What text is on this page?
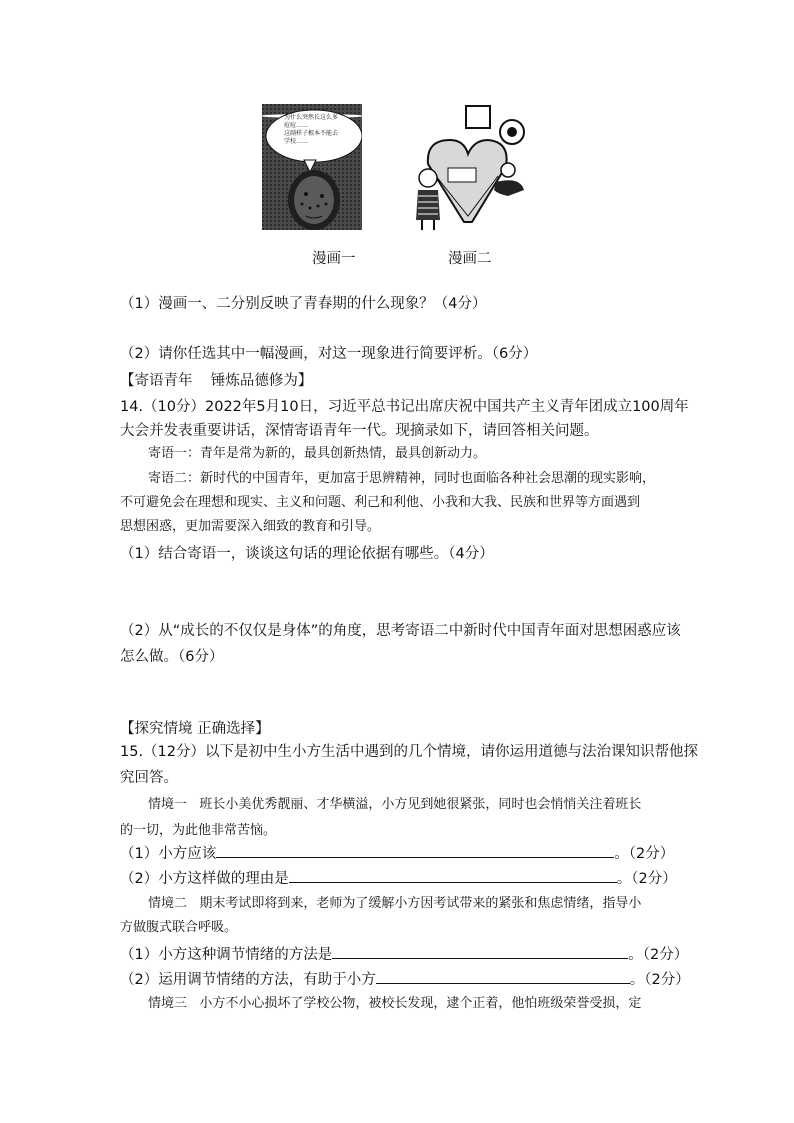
为什么突然长这么多
痘痘……
这副样子根本不能去
学校……
漫画一	漫画二
（1）漫画一、二分别反映了青春期的什么现象？（4分）
（2）请你任选其中一幅漫画，对这一现象进行简要评析。（6分）
【寄语青年    锤炼品德修为】
14.（10分）2022年5月10日，习近平总书记出席庆祝中国共产主义青年团成立100周年
大会并发表重要讲话，深情寄语青年一代。现摘录如下，请回答相关问题。
寄语一：青年是常为新的，最具创新热情，最具创新动力。
寄语二：新时代的中国青年，更加富于思辨精神，同时也面临各种社会思潮的现实影响，
不可避免会在理想和现实、主义和问题、利己和利他、小我和大我、民族和世界等方面遇到
思想困惑，更加需要深入细致的教育和引导。
（1）结合寄语一，谈谈这句话的理论依据有哪些。（4分）
（2）从“成长的不仅仅是身体”的角度，思考寄语二中新时代中国青年面对思想困惑应该
怎么做。（6分）
【探究情境 正确选择】
15.（12分）以下是初中生小方生活中遇到的几个情境，请你运用道德与法治课知识帮他探
究回答。
情境一   班长小美优秀靓丽、才华横溢，小方见到她很紧张，同时也会悄悄关注着班长
的一切，为此他非常苦恼。
（1）小方应该	。（2分）
（2）小方这样做的理由是	。（2分）
情境二   期末考试即将到来，老师为了缓解小方因考试带来的紧张和焦虑情绪，指导小
方做腹式联合呼吸。
（1）小方这种调节情绪的方法是	。（2分）
（2）运用调节情绪的方法，有助于小方	。（2分）
情境三   小方不小心损坏了学校公物，被校长发现，逮个正着，他怕班级荣誉受损，定
